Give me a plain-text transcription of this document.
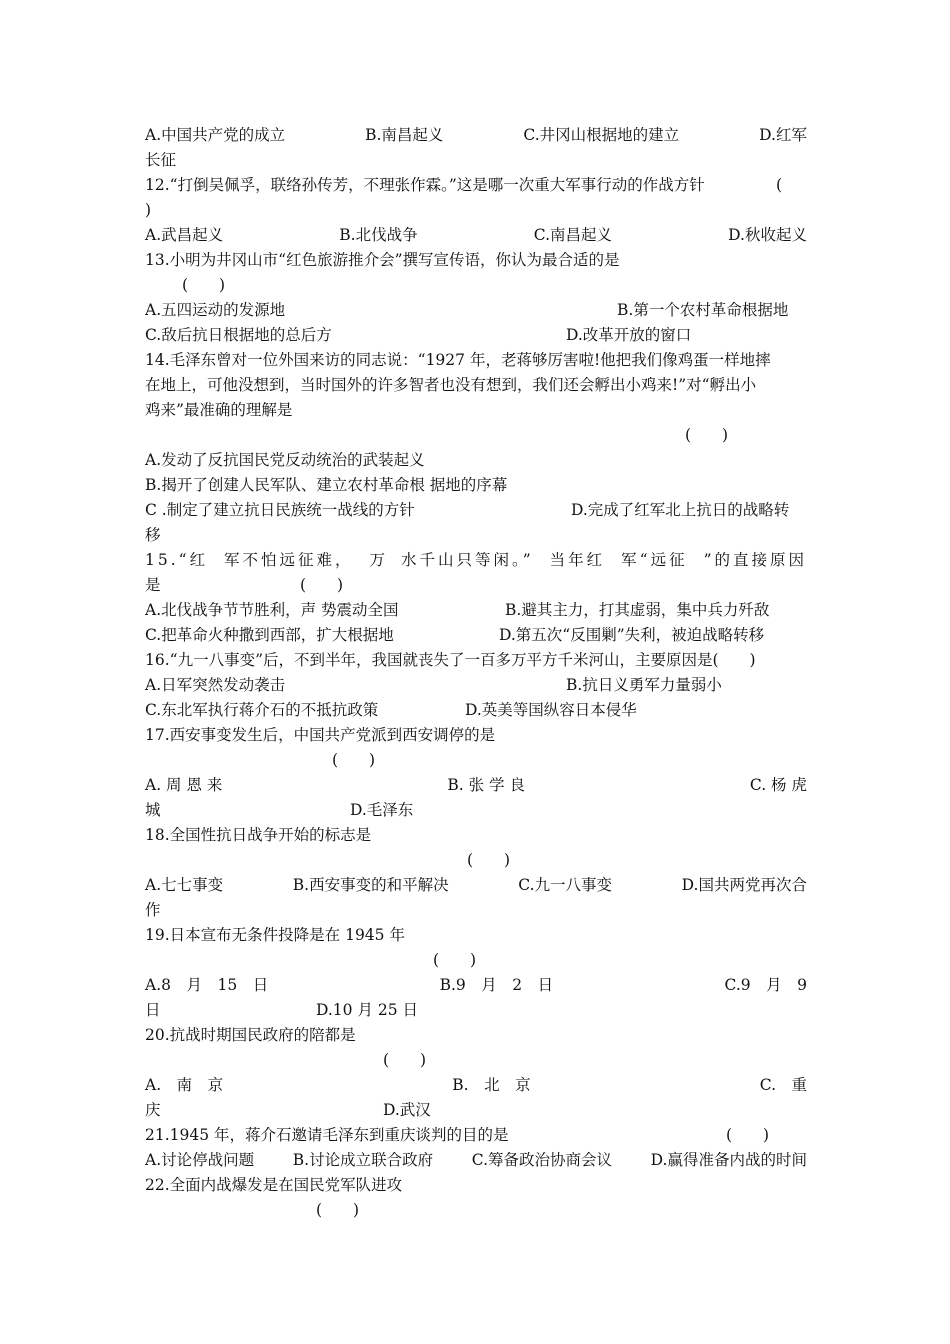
A.中国共产党的成立	B.南昌起义	C.井冈山根据地的建立	D.红军
长征
12.“打倒吴佩孚，联络孙传芳，不理张作霖。”这是哪一次重大军事行动的作战方针	(
)
A.武昌起义	B.北伐战争	C.南昌起义	D.秋收起义
13.小明为井冈山市“红色旅游推介会”撰写宣传语，你认为最合适的是
(　　)
A.五四运动的发源地	B.第一个农村革命根据地
C.敌后抗日根据地的总后方	D.改革开放的窗口
14.毛泽东曾对一位外国来访的同志说：“1927 年，老蒋够厉害啦!他把我们像鸡蛋一样地摔
在地上，可他没想到，当时国外的许多智者也没有想到，我们还会孵出小鸡来!”对“孵出小
鸡来”最准确的理解是
(　　)
A.发动了反抗国民党反动统治的武装起义
B.揭开了创建人民军队、建立农村革命根 据地的序幕
C .制定了建立抗日民族统一战线的方针	D.完成了红军北上抗日的战略转
移
15.“红 军不怕远征难， 万 水千山只等闲。” 当年红 军“远征 ”的直接原因
是	(　　)
A.北伐战争节节胜利，声 势震动全国	B.避其主力，打其虚弱，集中兵力歼敌
C.把革命火种撒到西部，扩大根据地	D.第五次“反围剿”失利，被迫战略转移
16.“九一八事变”后，不到半年，我国就丧失了一百多万平方千米河山，主要原因是(　　)
A.日军突然发动袭击	B.抗日义勇军力量弱小
C.东北军执行蒋介石的不抵抗政策	D.英美等国纵容日本侵华
17.西安事变发生后，中国共产党派到西安调停的是
(　　)
A. 周 恩 来	B. 张 学 良	C. 杨 虎
城	D.毛泽东
18.全国性抗日战争开始的标志是
(　　)
A.七七事变	B.西安事变的和平解决	C.九一八事变	D.国共两党再次合
作
19.日本宣布无条件投降是在 1945 年
(　　)
A.8　月　15　日	B.9　月　2　日	C.9　月　9
日	D.10 月 25 日
20.抗战时期国民政府的陪都是
(　　)
A.　南　京	B.　北　京	C.　重
庆	D.武汉
21.1945 年，蒋介石邀请毛泽东到重庆谈判的目的是	(　　)
A.讨论停战问题 B.讨论成立联合政府 C.筹备政治协商会议 D.赢得准备内战的时间
22.全面内战爆发是在国民党军队进攻
(　　)
